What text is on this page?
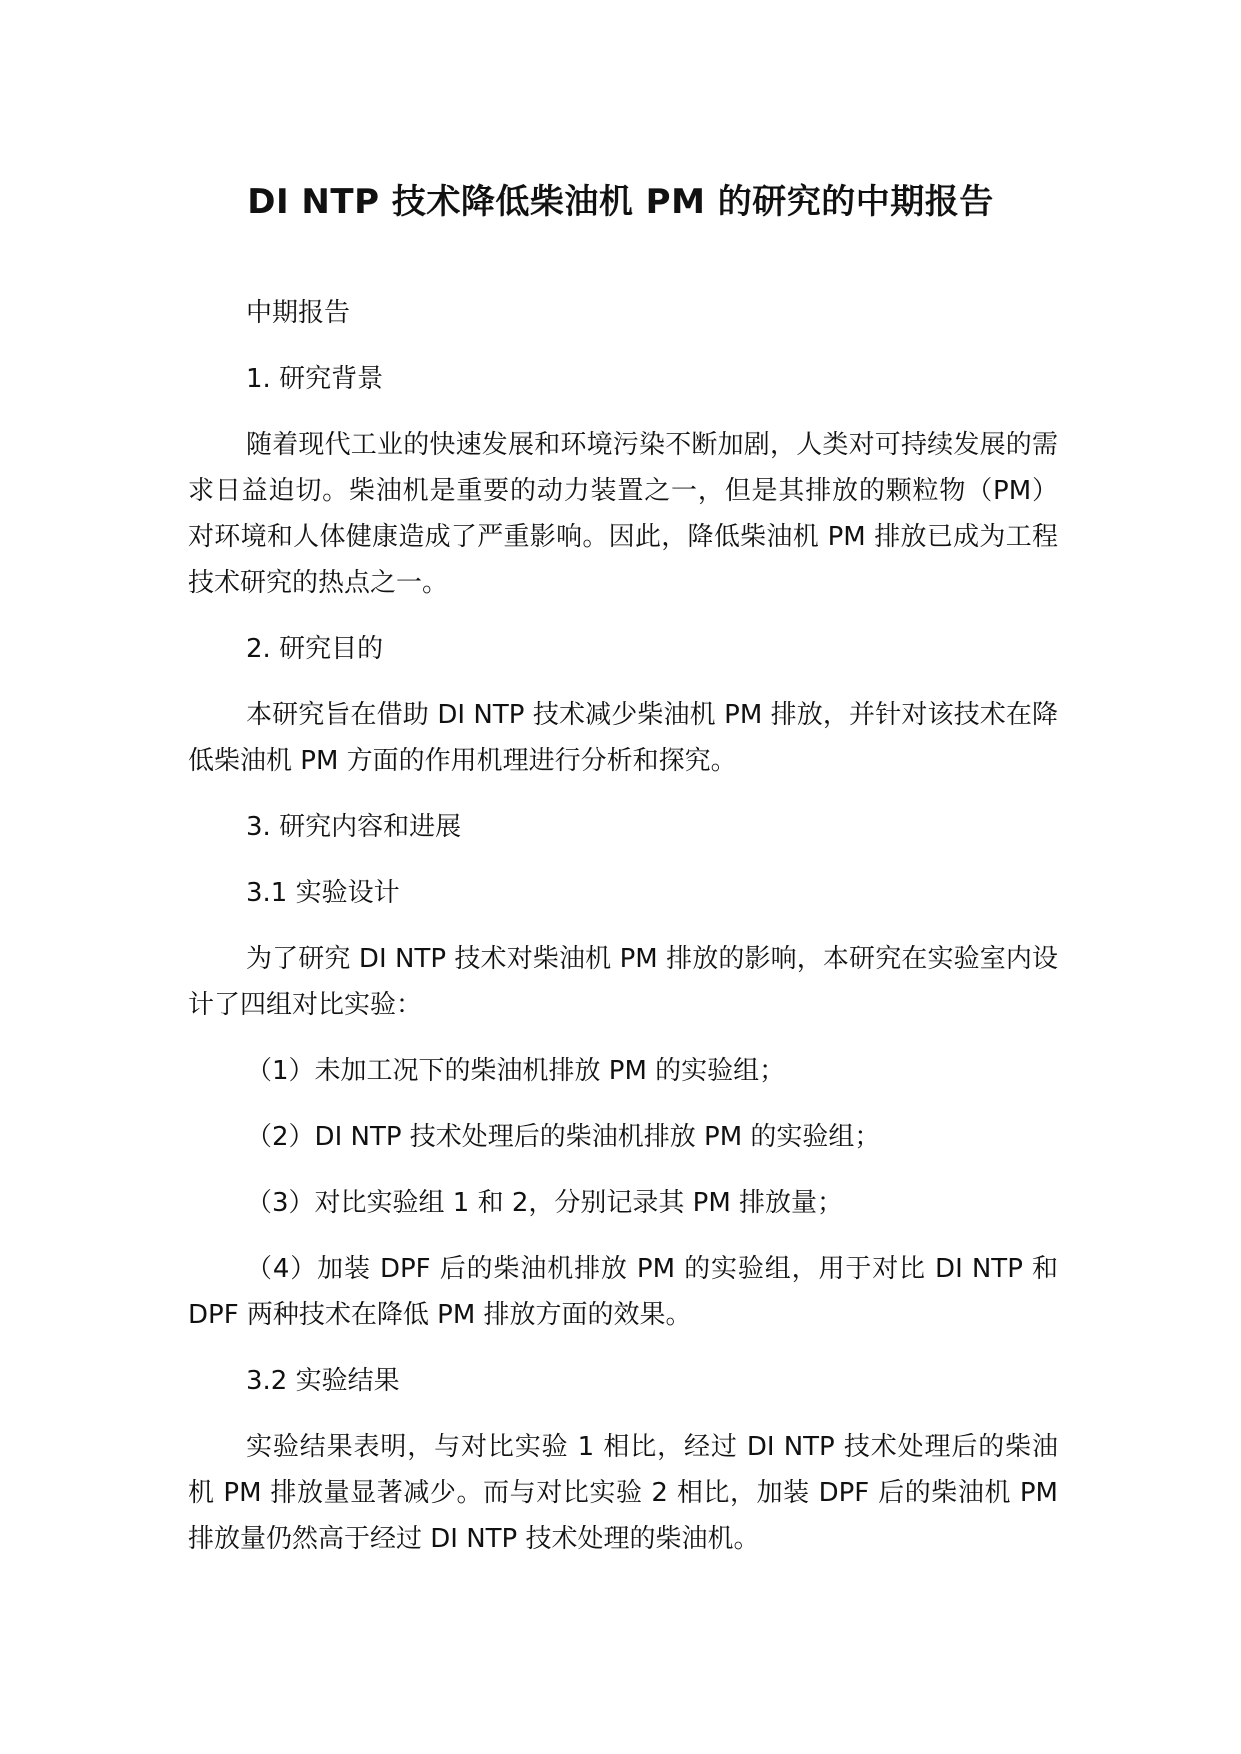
DI NTP 技术降低柴油机 PM 的研究的中期报告

中期报告

1. 研究背景

随着现代工业的快速发展和环境污染不断加剧，人类对可持续发展的需求日益迫切。柴油机是重要的动力装置之一，但是其排放的颗粒物（PM）对环境和人体健康造成了严重影响。因此，降低柴油机 PM 排放已成为工程技术研究的热点之一。

2. 研究目的

本研究旨在借助 DI NTP 技术减少柴油机 PM 排放，并针对该技术在降低柴油机 PM 方面的作用机理进行分析和探究。

3. 研究内容和进展

3.1 实验设计

为了研究 DI NTP 技术对柴油机 PM 排放的影响，本研究在实验室内设计了四组对比实验：

（1）未加工况下的柴油机排放 PM 的实验组；

（2）DI NTP 技术处理后的柴油机排放 PM 的实验组；

（3）对比实验组 1 和 2，分别记录其 PM 排放量；

（4）加装 DPF 后的柴油机排放 PM 的实验组，用于对比 DI NTP 和 DPF 两种技术在降低 PM 排放方面的效果。

3.2 实验结果

实验结果表明，与对比实验 1 相比，经过 DI NTP 技术处理后的柴油机 PM 排放量显著减少。而与对比实验 2 相比，加装 DPF 后的柴油机 PM 排放量仍然高于经过 DI NTP 技术处理的柴油机。
